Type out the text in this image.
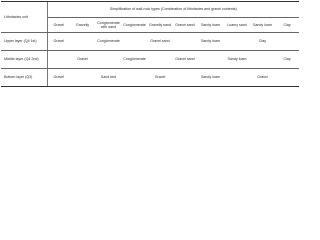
Lithofacies unit	Simplification of wall-rock types (Combination of lithofacies and gravel contents)									
	Gravel	Gravelly	Conglomerate with sand	Conglomerate	Gravelly sand	Gravel sand	Sandy loam	Loamy sand	Sandy loam	Clay
Upper layer (Q4 1st)	Gravel		Conglomerate		Gravel sand		Sandy loam		Clay	
Middle layer (Q4 2nd)		Gravel		Conglomerate		Gravel sand		Sandy loam		Clay
Bottom layer (Q3)	Gravel		Sand bed		Gravel		Sandy loam		Gravel	
